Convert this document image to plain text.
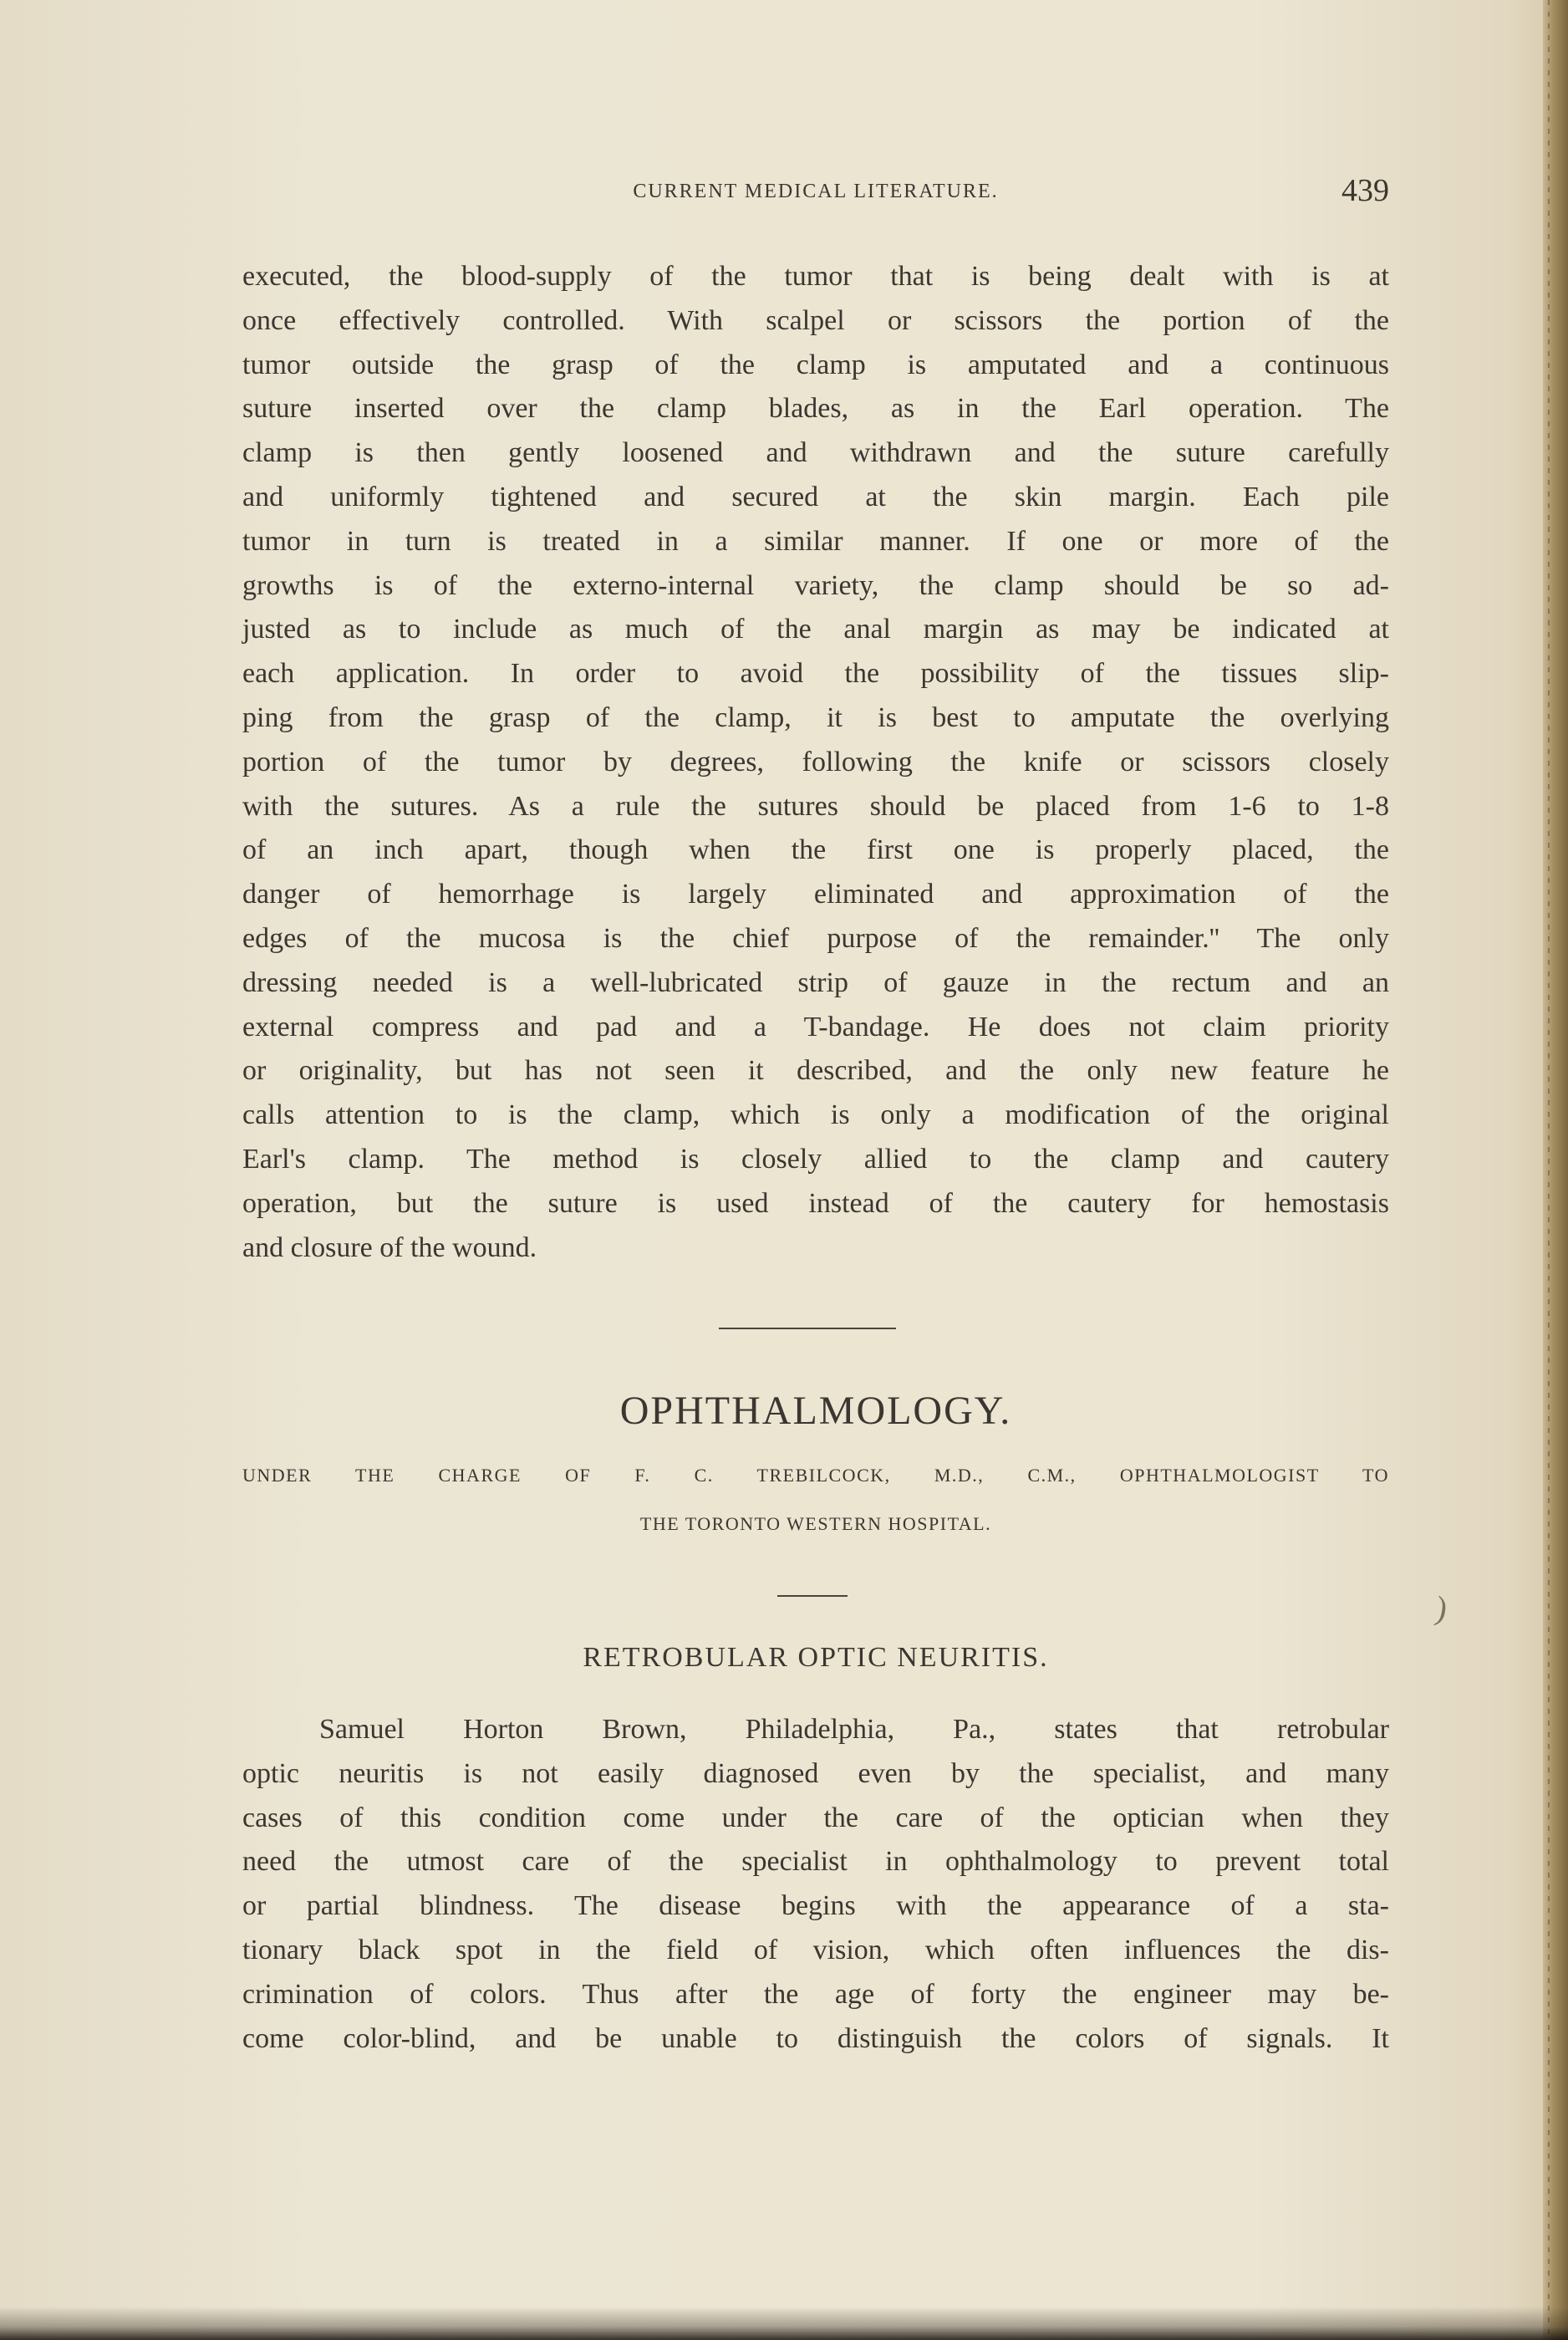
CURRENT MEDICAL LITERATURE.	439
executed, the blood-supply of the tumor that is being dealt with is at
once effectively controlled. With scalpel or scissors the portion of the
tumor outside the grasp of the clamp is amputated and a continuous
suture inserted over the clamp blades, as in the Earl operation. The
clamp is then gently loosened and withdrawn and the suture carefully
and uniformly tightened and secured at the skin margin. Each pile
tumor in turn is treated in a similar manner. If one or more of the
growths is of the externo-internal variety, the clamp should be so ad-
justed as to include as much of the anal margin as may be indicated at
each application. In order to avoid the possibility of the tissues slip-
ping from the grasp of the clamp, it is best to amputate the overlying
portion of the tumor by degrees, following the knife or scissors closely
with the sutures. As a rule the sutures should be placed from 1-6 to 1-8
of an inch apart, though when the first one is properly placed, the
danger of hemorrhage is largely eliminated and approximation of the
edges of the mucosa is the chief purpose of the remainder.'' The only
dressing needed is a well-lubricated strip of gauze in the rectum and an
external compress and pad and a T-bandage. He does not claim priority
or originality, but has not seen it described, and the only new feature he
calls attention to is the clamp, which is only a modification of the original
Earl's clamp. The method is closely allied to the clamp and cautery
operation, but the suture is used instead of the cautery for hemostasis
and closure of the wound.
OPHTHALMOLOGY.
UNDER THE CHARGE OF F. C. TREBILCOCK, M.D., C.M., OPHTHALMOLOGIST TO
THE TORONTO WESTERN HOSPITAL.
RETROBULAR OPTIC NEURITIS.
Samuel Horton Brown, Philadelphia, Pa., states that retrobular
optic neuritis is not easily diagnosed even by the specialist, and many
cases of this condition come under the care of the optician when they
need the utmost care of the specialist in ophthalmology to prevent total
or partial blindness. The disease begins with the appearance of a sta-
tionary black spot in the field of vision, which often influences the dis-
crimination of colors. Thus after the age of forty the engineer may be-
come color-blind, and be unable to distinguish the colors of signals. It
)
